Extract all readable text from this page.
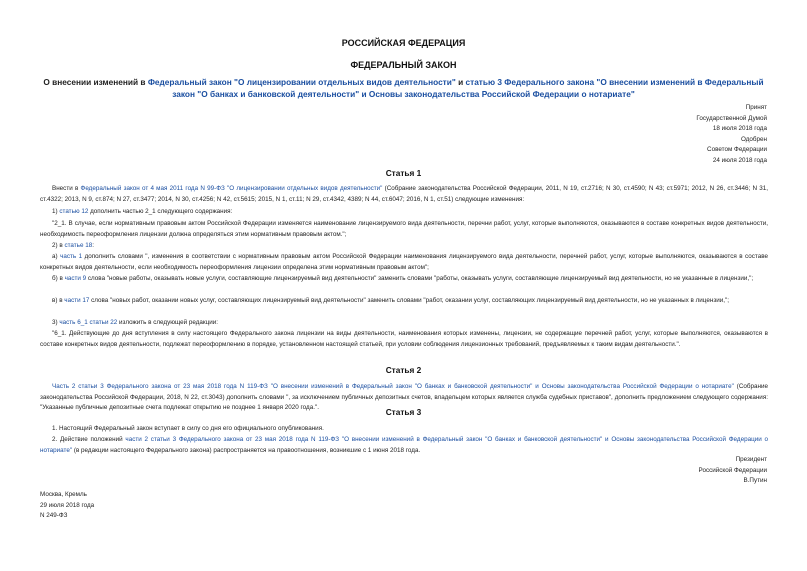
РОССИЙСКАЯ ФЕДЕРАЦИЯ
ФЕДЕРАЛЬНЫЙ ЗАКОН
О внесении изменений в Федеральный закон "О лицензировании отдельных видов деятельности" и статью 3 Федерального закона "О внесении изменений в Федеральный закон "О банках и банковской деятельности" и Основы законодательства Российской Федерации о нотариате"
Принят
Государственной Думой
18 июля 2018 года
Одобрен
Советом Федерации
24 июля 2018 года
Статья 1
Внести в Федеральный закон от 4 мая 2011 года N 99-ФЗ "О лицензировании отдельных видов деятельности" (Собрание законодательства Российской Федерации, 2011, N 19, ст.2716; N 30, ст.4590; N 43; ст.5971; 2012, N 26, ст.3446; N 31, ст.4322; 2013, N 9, ст.874; N 27, ст.3477; 2014, N 30, ст.4256; N 42, ст.5615; 2015, N 1, ст.11; N 29, ст.4342, 4389; N 44, ст.6047; 2016, N 1, ст.51) следующие изменения:
1) статью 12 дополнить частью 2_1 следующего содержания:
"2_1. В случае, если нормативным правовым актом Российской Федерации изменяется наименование лицензируемого вида деятельности, перечни работ, услуг, которые выполняются, оказываются в составе конкретных видов деятельности, необходимость переоформления лицензии должна определяться этим нормативным правовым актом.";
2) в статье 18:
а) часть 1 дополнить словами ", изменения в соответствии с нормативным правовым актом Российской Федерации наименования лицензируемого вида деятельности, перечней работ, услуг, которые выполняются, оказываются в составе конкретных видов деятельности, если необходимость переоформления лицензии определена этим нормативным правовым актом";
б) в части 9 слова "новые работы, оказывать новые услуги, составляющие лицензируемый вид деятельности" заменить словами "работы, оказывать услуги, составляющие лицензируемый вид деятельности, но не указанные в лицензии,";
в) в части 17 слова "новых работ, оказании новых услуг, составляющих лицензируемый вид деятельности" заменить словами "работ, оказании услуг, составляющих лицензируемый вид деятельности, но не указанных в лицензии,";
3) часть 6_1 статьи 22 изложить в следующей редакции:
"6_1. Действующие до дня вступления в силу настоящего Федерального закона лицензии на виды деятельности, наименования которых изменены, лицензии, не содержащие перечней работ, услуг, которые выполняются, оказываются в составе конкретных видов деятельности, подлежат переоформлению в порядке, установленном настоящей статьей, при условии соблюдения лицензионных требований, предъявляемых к таким видам деятельности.".
Статья 2
Часть 2 статьи 3 Федерального закона от 23 мая 2018 года N 119-ФЗ "О внесении изменений в Федеральный закон "О банках и банковской деятельности" и Основы законодательства Российской Федерации о нотариате" (Собрание законодательства Российской Федерации, 2018, N 22, ст.3043) дополнить словами ", за исключением публичных депозитных счетов, владельцем которых является служба судебных приставов", дополнить предложением следующего содержания: "Указанные публичные депозитные счета подлежат открытию не позднее 1 января 2020 года.".	Статья 3
1. Настоящий Федеральный закон вступает в силу со дня его официального опубликования.
2. Действие положений части 2 статьи 3 Федерального закона от 23 мая 2018 года N 119-ФЗ "О внесении изменений в Федеральный закон "О банках и банковской деятельности" и Основы законодательства Российской Федерации о нотариате" (в редакции настоящего Федерального закона) распространяется на правоотношения, возникшие с 1 июня 2018 года.
Президент
Российской Федерации
В.Путин
Москва, Кремль
29 июля 2018 года
N 249-ФЗ
